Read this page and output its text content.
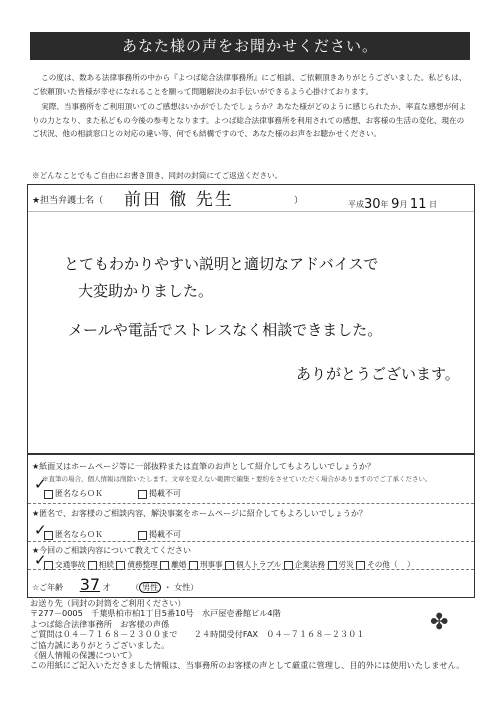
あなた様の声をお聞かせください。

この度は、数ある法律事務所の中から『よつば総合法律事務所』にご相談、ご依頼頂きありがとうございました。私どもは、ご依頼頂いた皆様が幸せになれることを願って問題解決のお手伝いができるよう心掛けております。

実際、当事務所をご利用頂いてのご感想はいかがでしたでしょうか？あなた様がどのように感じられたか、率直な感想が何よりの力となり、また私どもの今後の参考となります。よつば総合法律事務所を利用されての感想、お客様の生活の変化、現在のご状況、他の相談窓口との対応の違い等、何でも結構ですので、あなた様のお声をお聴かせください。

※どんなことでもご自由にお書き頂き、同封の封筒にてご返送ください。
★担当弁護士名（ 前田 徹 先生	）	平成30年 9月 11 日
とてもわかりやすい説明と適切なアドバイスで
大変助かりました。
メールや電話でストレスなく相談できました。
ありがとうございます。
★紙面又はホームページ等に一部抜粋または直筆のお声として紹介してもよろしいでしょうか？
※直筆の場合、個人情報は削除いたします。文章を変えない範囲で編集・要約をさせていただく場合がありますのでご了承ください。
✓
匿名ならＯＫ	掲載不可
★匿名で、お客様のご相談内容、解決事案をホームページに紹介してもよろしいでしょうか？
✓	匿名ならＯＫ	掲載不可
★今回のご相談内容について教えてください
✓	交通事故 相続 債務整理 離婚 刑事事 個人トラブル 企業法務 労災 その他（ ）
☆ご年齢 37 才	（ 男性 ・ 女性）
お送り先（同封の封筒をご利用ください）
〒277－0005　千葉県柏市柏1丁目5番10号　水戸屋壱番館ビル4階
よつば総合法律事務所　お客様の声係
ご質問は０４－７１６８－２３００まで　　２４時間受付FAX　０４－７１６８－２３０１
ご協力誠にありがとうございました。
《個人情報の保護について》
この用紙にご記入いただきました情報は、当事務所のお客様の声として厳重に管理し、目的外には使用いたしません。
✤
